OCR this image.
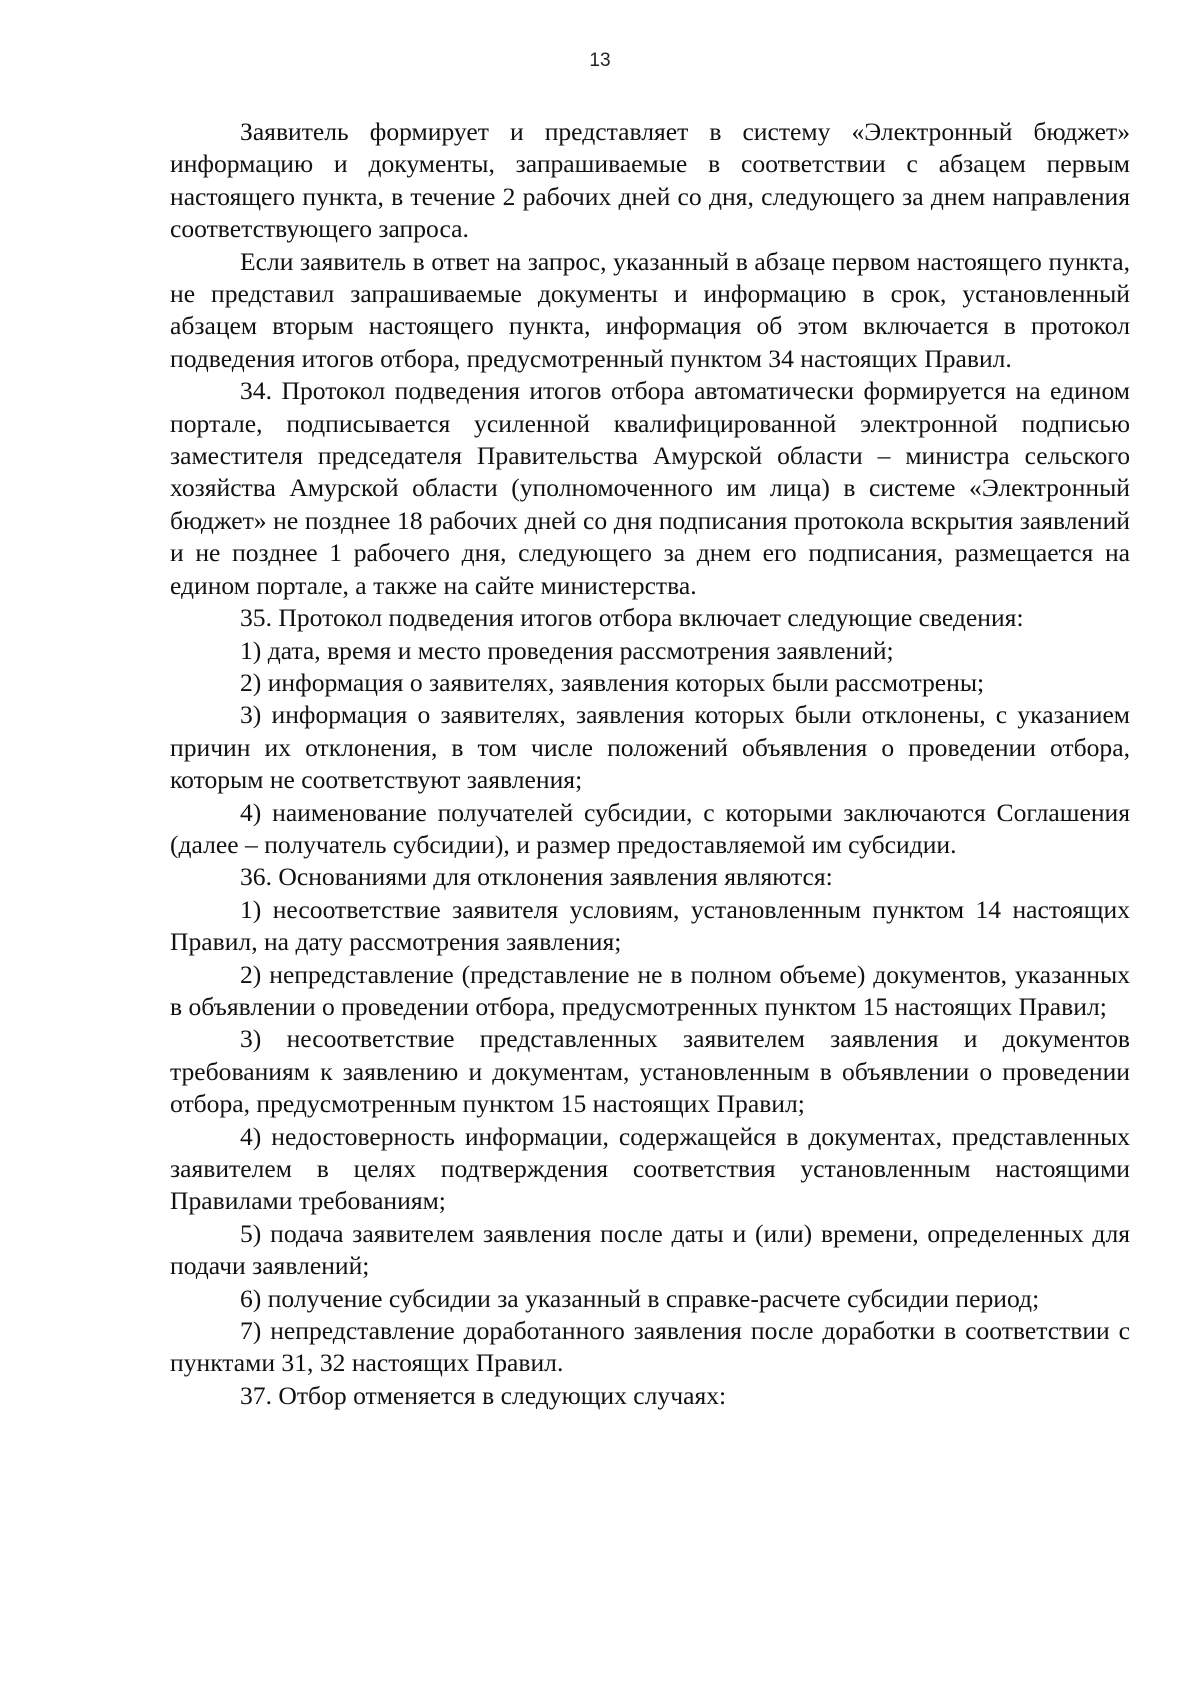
13

Заявитель формирует и представляет в систему «Электронный бюджет» информацию и документы, запрашиваемые в соответствии с абзацем первым настоящего пункта, в течение 2 рабочих дней со дня, следующего за днем направления соответствующего запроса.

Если заявитель в ответ на запрос, указанный в абзаце первом настоящего пункта, не представил запрашиваемые документы и информацию в срок, установленный абзацем вторым настоящего пункта, информация об этом включается в протокол подведения итогов отбора, предусмотренный пунктом 34 настоящих Правил.

34. Протокол подведения итогов отбора автоматически формируется на едином портале, подписывается усиленной квалифицированной электронной подписью заместителя председателя Правительства Амурской области – министра сельского хозяйства Амурской области (уполномоченного им лица) в системе «Электронный бюджет» не позднее 18 рабочих дней со дня подписания протокола вскрытия заявлений и не позднее 1 рабочего дня, следующего за днем его подписания, размещается на едином портале, а также на сайте министерства.

35. Протокол подведения итогов отбора включает следующие сведения:

1) дата, время и место проведения рассмотрения заявлений;

2) информация о заявителях, заявления которых были рассмотрены;

3) информация о заявителях, заявления которых были отклонены, с указанием причин их отклонения, в том числе положений объявления о проведении отбора, которым не соответствуют заявления;

4) наименование получателей субсидии, с которыми заключаются Соглашения (далее – получатель субсидии), и размер предоставляемой им субсидии.

36. Основаниями для отклонения заявления являются:

1) несоответствие заявителя условиям, установленным пунктом 14 настоящих Правил, на дату рассмотрения заявления;

2) непредставление (представление не в полном объеме) документов, указанных в объявлении о проведении отбора, предусмотренных пунктом 15 настоящих Правил;

3) несоответствие представленных заявителем заявления и документов требованиям к заявлению и документам, установленным в объявлении о проведении отбора, предусмотренным пунктом 15 настоящих Правил;

4) недостоверность информации, содержащейся в документах, представленных заявителем в целях подтверждения соответствия установленным настоящими Правилами требованиям;

5) подача заявителем заявления после даты и (или) времени, определенных для подачи заявлений;

6) получение субсидии за указанный в справке-расчете субсидии период;

7) непредставление доработанного заявления после доработки в соответствии с пунктами 31, 32 настоящих Правил.

37. Отбор отменяется в следующих случаях:
